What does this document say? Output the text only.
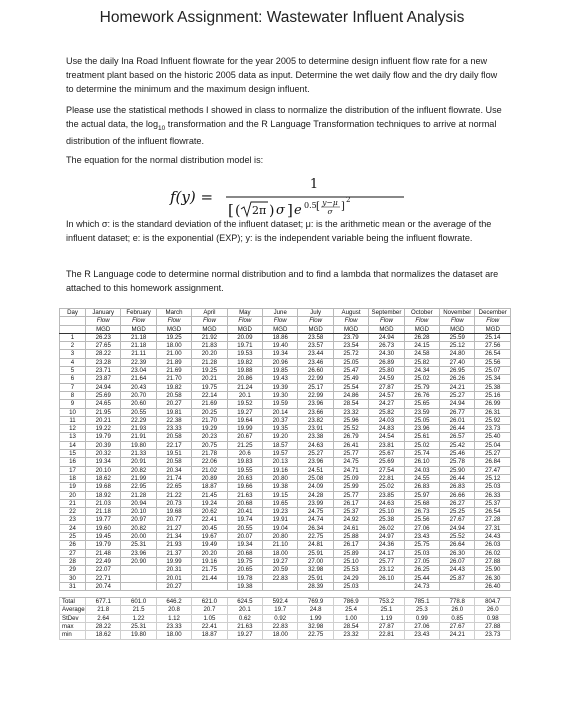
Homework Assignment: Wastewater Influent Analysis
Use the daily Ina Road Influent flowrate for the year 2005 to determine design influent flow rate for a new treatment plant based on the historic 2005 data as input. Determine the wet daily flow and the dry daily flow to determine the minimum and the maximum design influent.
Please use the statistical methods I showed in class to normalize the distribution of the influent flowrate. Use the actual data, the $\log_{10}$ transformation and the R Language Transformation techniques to arrive at normal distribution of the influent flowrate.
The equation for the normal distribution model is:
f(y) =
1
[ ( 2π ) σ ] e 0.5 [ y−μ
σ ]
2
In which σ: is the standard deviation of the influent dataset; μ: is the arithmetic mean or the average of the influent dataset; e: is the exponential (EXP); y: is the independent variable being the influent flowrate.
The R Language code to determine normal distribution and to find a lambda that normalizes the dataset are attached to this homework assignment.
Day	January	February	March	April	May	June	July	August	September	October	November	December
	Flow	Flow	Flow	Flow	Flow	Flow	Flow	Flow	Flow	Flow	Flow	Flow
	MGD	MGD	MGD	MGD	MGD	MGD	MGD	MGD	MGD	MGD	MGD	MGD
1	26.23	21.18	19.25	21.92	20.09	18.86	23.58	23.79	24.94	26.28	25.59	25.14
2	27.65	21.18	18.00	21.83	19.71	19.40	23.57	23.54	26.73	24.15	25.12	27.56
3	28.22	21.11	21.00	20.20	19.53	19.34	23.44	25.72	24.30	24.58	24.80	26.54
4	23.28	22.39	21.89	21.28	19.82	20.96	23.46	25.05	26.89	25.82	27.40	25.56
5	23.71	23.04	21.69	19.25	19.88	19.85	26.60	25.47	25.80	24.34	26.95	25.07
6	23.87	21.64	21.70	20.21	20.86	19.43	22.99	25.49	24.59	25.02	26.26	25.34
7	24.94	20.43	19.82	19.75	21.24	19.39	25.17	25.54	27.87	25.79	24.21	25.38
8	25.69	20.70	20.58	22.14	20.1	19.30	22.99	24.86	24.57	26.76	25.27	25.16
9	24.65	20.60	20.27	21.69	19.52	19.59	23.96	28.54	24.27	25.65	24.94	26.99
10	21.95	20.55	19.81	20.25	19.27	20.14	23.66	23.32	25.82	23.59	26.77	26.31
11	20.21	22.29	22.38	21.70	19.64	20.37	23.82	25.96	24.03	25.05	26.01	25.92
12	19.22	21.93	23.33	19.29	19.99	19.35	23.91	25.52	24.83	23.96	26.44	23.73
13	19.79	21.91	20.58	20.23	20.67	19.20	23.38	26.79	24.54	25.61	26.57	25.40
14	20.39	19.80	22.17	20.75	21.25	18.57	24.63	26.41	23.81	25.02	25.42	25.04
15	20.32	21.33	19.51	21.78	20.6	19.57	25.27	25.77	25.67	25.74	25.46	25.27
16	19.34	20.91	20.58	22.06	19.83	20.13	23.96	24.75	25.69	26.10	25.78	26.84
17	20.10	20.82	20.34	21.02	19.55	19.16	24.51	24.71	27.54	24.03	25.90	27.47
18	18.62	21.99	21.74	20.89	20.63	20.80	25.08	25.09	22.81	24.55	26.44	25.12
19	19.68	22.95	22.65	18.87	19.66	19.38	24.09	25.99	25.02	26.83	26.83	25.03
20	18.92	21.28	21.22	21.45	21.63	19.15	24.28	25.77	23.85	25.97	26.66	26.33
21	21.03	20.94	20.73	19.24	20.68	19.65	23.99	26.17	24.63	25.68	26.27	25.37
22	21.18	20.10	19.68	20.62	20.41	19.23	24.75	25.37	25.10	26.73	25.25	26.54
23	19.77	20.97	20.77	22.41	19.74	19.91	24.74	24.92	25.38	25.56	27.67	27.28
24	19.60	20.82	21.27	20.45	20.55	19.04	26.34	24.61	26.02	27.06	24.94	27.31
25	19.45	20.00	21.34	19.67	20.07	20.80	22.75	25.88	24.97	23.43	25.52	24.43
26	19.79	25.31	21.93	19.49	19.34	21.10	24.81	26.17	24.36	25.75	26.64	26.03
27	21.48	23.96	21.37	20.20	20.68	18.00	25.91	25.89	24.17	25.03	26.30	26.02
28	22.49	20.90	19.99	19.16	19.75	19.27	27.00	25.10	25.77	27.05	26.07	27.88
29	22.07		20.31	21.75	20.65	20.59	32.98	25.53	23.12	26.25	24.43	25.90
30	22.71		20.01	21.44	19.78	22.83	25.91	24.29	26.10	25.44	25.87	26.30
31	20.74		20.27		19.38		28.39	25.03		24.73		26.40

Total	677.1	601.0	646.2	621.0	624.5	592.4	769.9	786.9	753.2	785.1	778.8	804.7
Average	21.8	21.5	20.8	20.7	20.1	19.7	24.8	25.4	25.1	25.3	26.0	26.0
StDev	2.64	1.22	1.12	1.05	0.62	0.92	1.99	1.00	1.19	0.99	0.85	0.98
max	28.22	25.31	23.33	22.41	21.63	22.83	32.98	28.54	27.87	27.06	27.67	27.88
min	18.62	19.80	18.00	18.87	19.27	18.00	22.75	23.32	22.81	23.43	24.21	23.73
